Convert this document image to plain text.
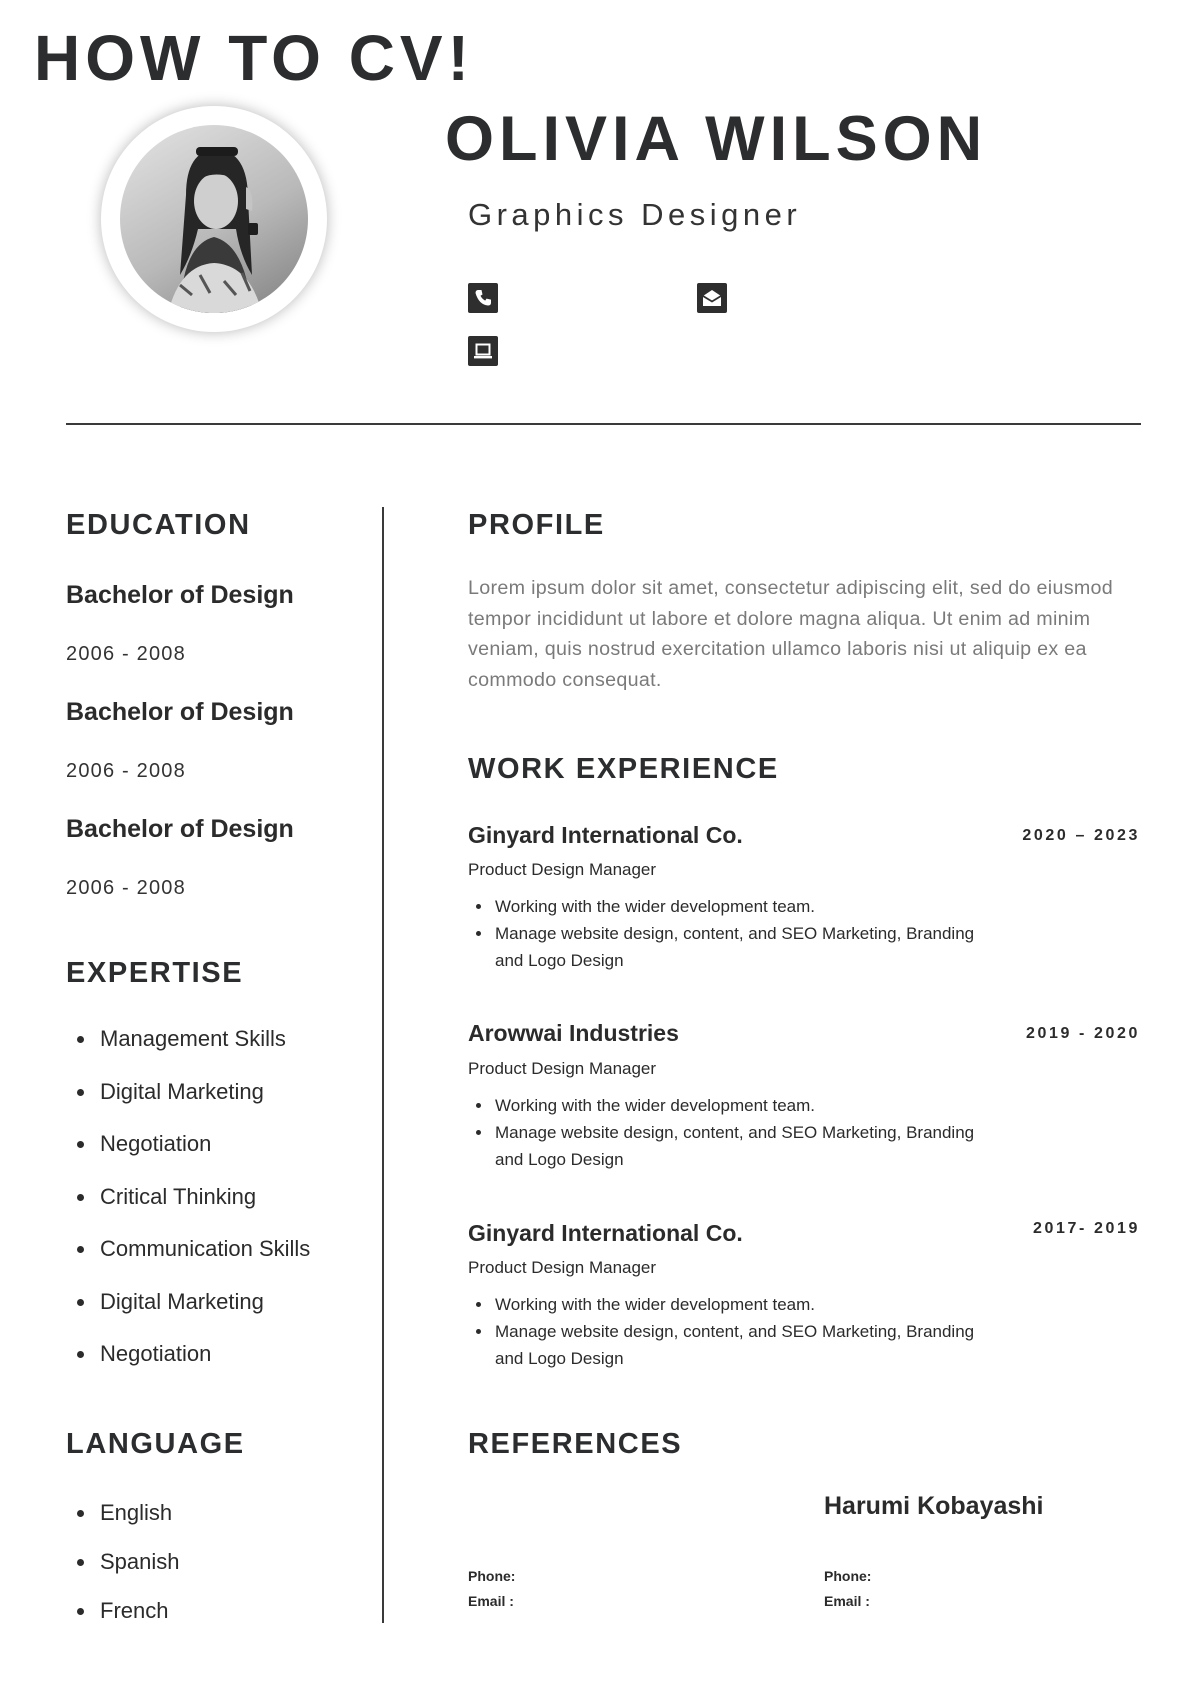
HOW TO CV!
OLIVIA WILSON
Graphics Designer
EDUCATION
Bachelor of Design
2006 - 2008
Bachelor of Design
2006 - 2008
Bachelor of Design
2006 - 2008
EXPERTISE
Management Skills
Digital Marketing
Negotiation
Critical Thinking
Communication Skills
Digital Marketing
Negotiation
LANGUAGE
English
Spanish
French
PROFILE

Lorem ipsum dolor sit amet, consectetur adipiscing elit, sed do eiusmod tempor incididunt ut labore et dolore magna aliqua. Ut enim ad minim veniam, quis nostrud exercitation ullamco laboris nisi ut aliquip ex ea commodo consequat.

WORK EXPERIENCE
Ginyard International Co.	2020 – 2023
Product Design Manager
Working with the wider development team.
Manage website design, content, and SEO Marketing, Branding and Logo Design
Arowwai Industries	2019 - 2020
Product Design Manager
Working with the wider development team.
Manage website design, content, and SEO Marketing, Branding and Logo Design
Ginyard International Co.	2017- 2019
Product Design Manager
Working with the wider development team.
Manage website design, content, and SEO Marketing, Branding and Logo Design
REFERENCES
Harumi Kobayashi
Phone:
Email :
Phone:
Email :
